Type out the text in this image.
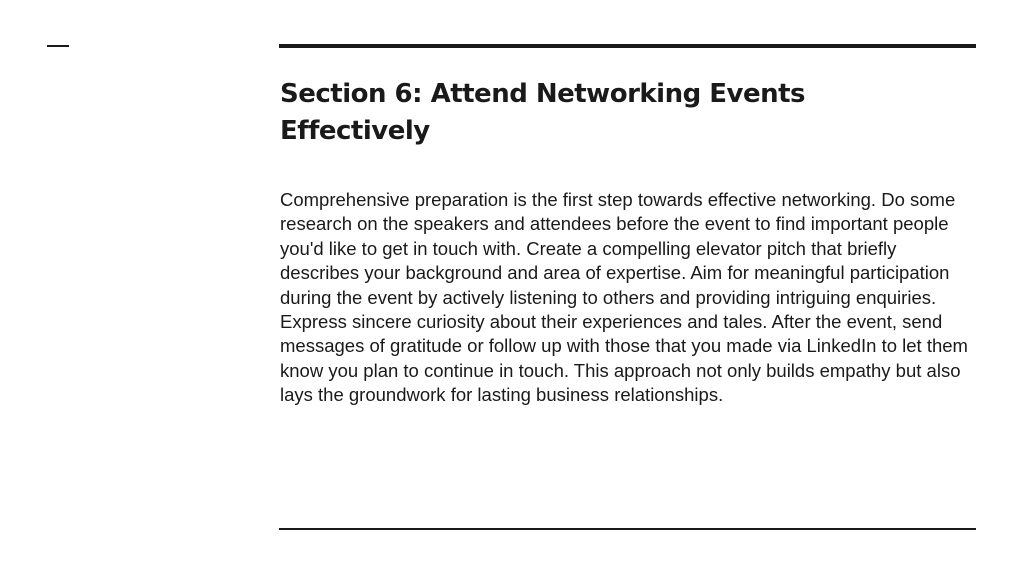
Section 6: Attend Networking Events Effectively

Comprehensive preparation is the first step towards effective networking. Do some research on the speakers and attendees before the event to find important people you'd like to get in touch with. Create a compelling elevator pitch that briefly describes your background and area of expertise. Aim for meaningful participation during the event by actively listening to others and providing intriguing enquiries. Express sincere curiosity about their experiences and tales. After the event, send messages of gratitude or follow up with those that you made via LinkedIn to let them know you plan to continue in touch. This approach not only builds empathy but also lays the groundwork for lasting business relationships.
